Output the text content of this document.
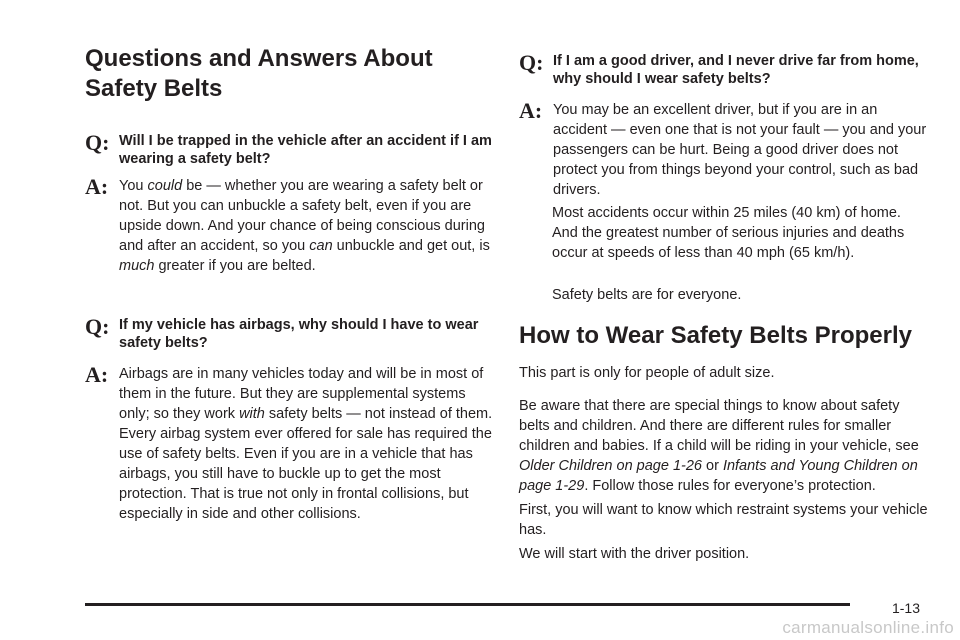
Questions and Answers About
Safety Belts
Q: Will I be trapped in the vehicle after an accident if I am wearing a safety belt?
A: You could be — whether you are wearing a safety belt or not. But you can unbuckle a safety belt, even if you are upside down. And your chance of being conscious during and after an accident, so you can unbuckle and get out, is much greater if you are belted.
Q: If my vehicle has airbags, why should I have to wear safety belts?
A: Airbags are in many vehicles today and will be in most of them in the future. But they are supplemental systems only; so they work with safety belts — not instead of them. Every airbag system ever offered for sale has required the use of safety belts. Even if you are in a vehicle that has airbags, you still have to buckle up to get the most protection. That is true not only in frontal collisions, but especially in side and other collisions.
Q: If I am a good driver, and I never drive far from home, why should I wear safety belts?
A: You may be an excellent driver, but if you are in an accident — even one that is not your fault — you and your passengers can be hurt. Being a good driver does not protect you from things beyond your control, such as bad drivers.
Most accidents occur within 25 miles (40 km) of home. And the greatest number of serious injuries and deaths occur at speeds of less than 40 mph (65 km/h).
Safety belts are for everyone.
How to Wear Safety Belts Properly
This part is only for people of adult size.
Be aware that there are special things to know about safety belts and children. And there are different rules for smaller children and babies. If a child will be riding in your vehicle, see Older Children on page 1-26 or Infants and Young Children on page 1-29. Follow those rules for everyone’s protection.
First, you will want to know which restraint systems your vehicle has.
We will start with the driver position.
1-13
carmanualsonline.info
